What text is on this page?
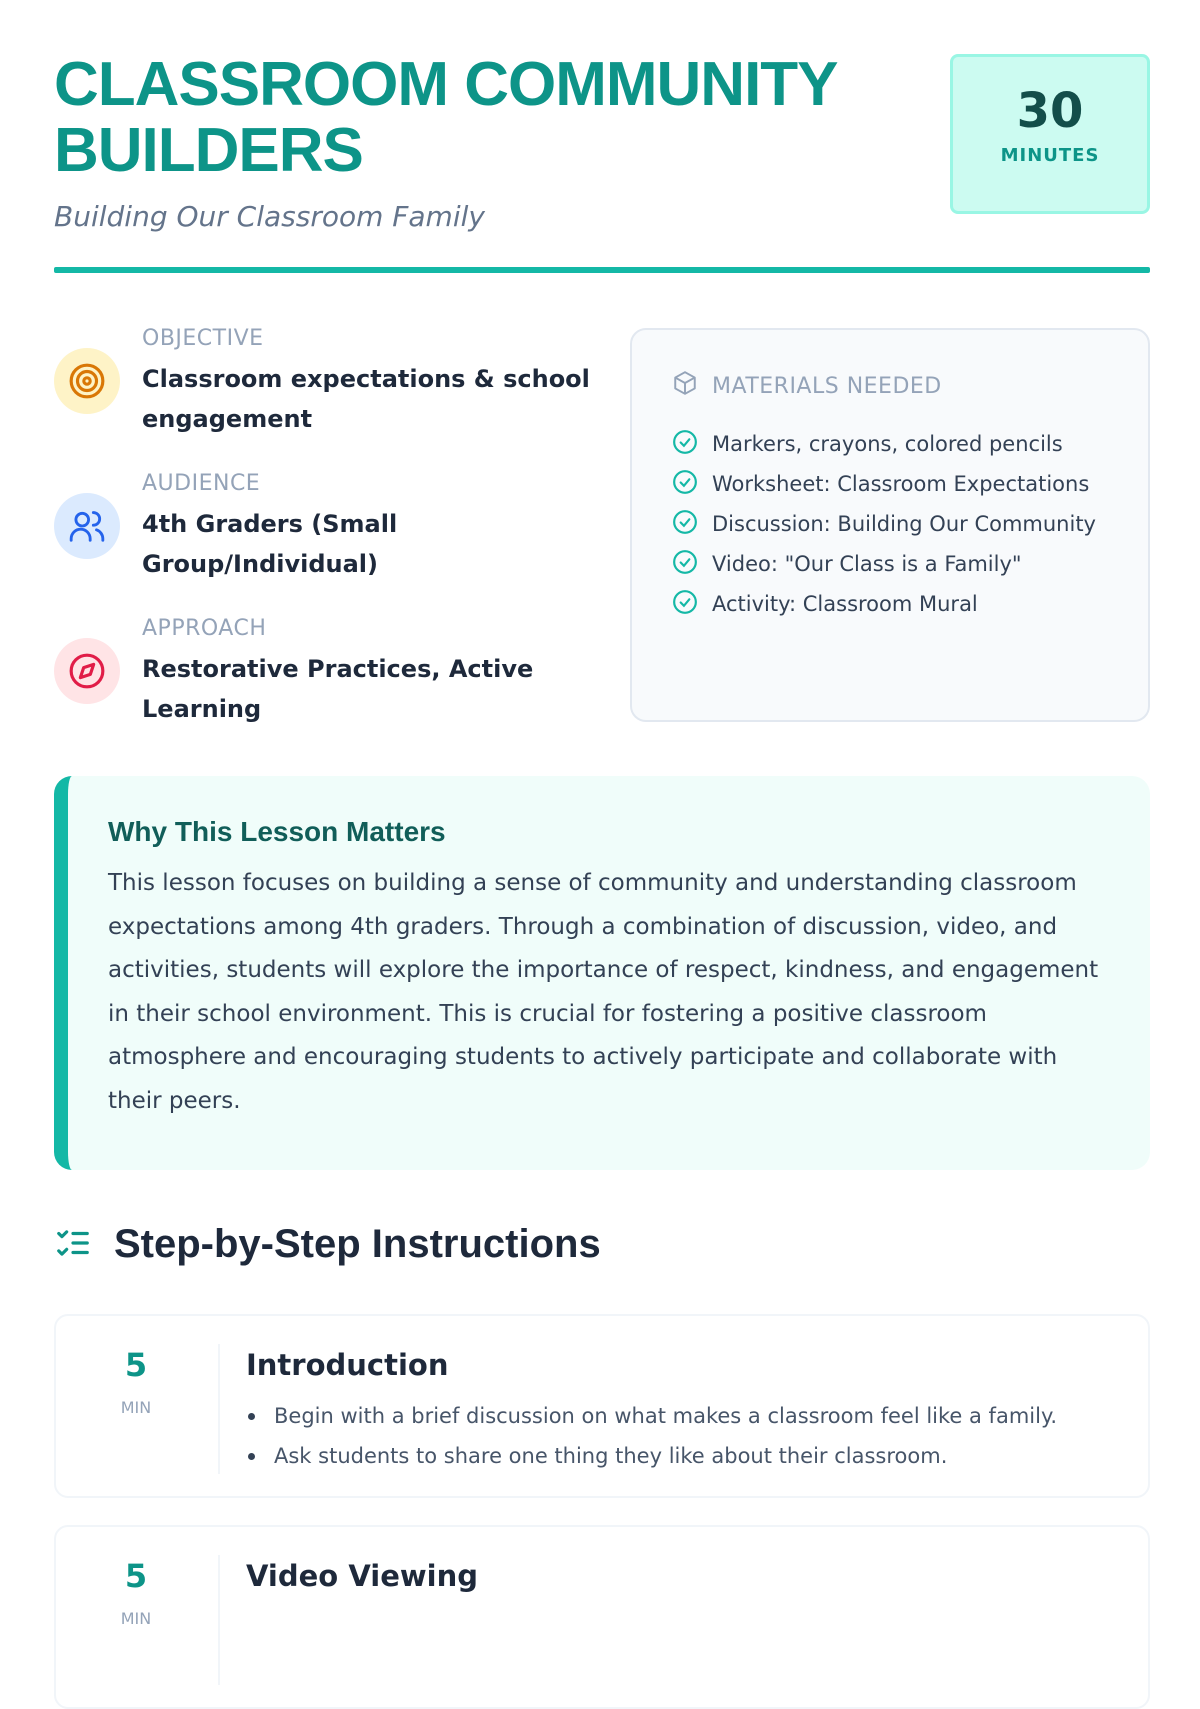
CLASSROOM COMMUNITY BUILDERS
Building Our Classroom Family
30
MINUTES
OBJECTIVE
Classroom expectations & school engagement
AUDIENCE
4th Graders (Small Group/Individual)
APPROACH
Restorative Practices, Active Learning
MATERIALS NEEDED
Markers, crayons, colored pencils
Worksheet: Classroom Expectations
Discussion: Building Our Community
Video: "Our Class is a Family"
Activity: Classroom Mural
Why This Lesson Matters

This lesson focuses on building a sense of community and understanding classroom expectations among 4th graders. Through a combination of discussion, video, and activities, students will explore the importance of respect, kindness, and engagement in their school environment. This is crucial for fostering a positive classroom atmosphere and encouraging students to actively participate and collaborate with their peers.

Step-by-Step Instructions
5
MIN
Introduction
Begin with a brief discussion on what makes a classroom feel like a family.
Ask students to share one thing they like about their classroom.
5
MIN
Video Viewing
